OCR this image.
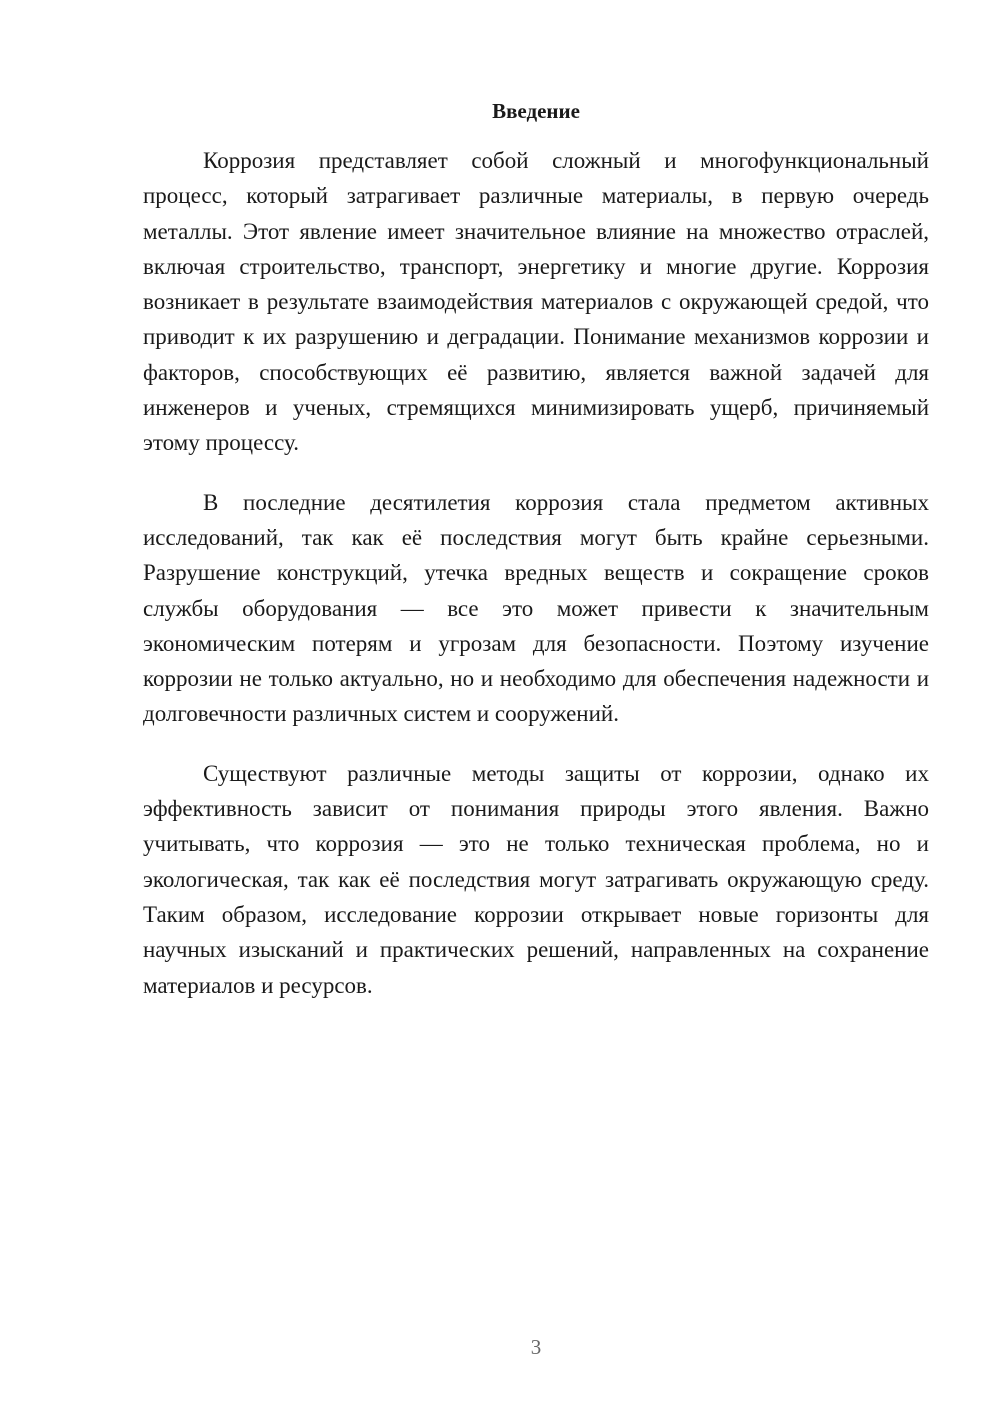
Введение

Коррозия представляет собой сложный и многофункциональный процесс, который затрагивает различные материалы, в первую очередь металлы. Этот явление имеет значительное влияние на множество отраслей, включая строительство, транспорт, энергетику и многие другие. Коррозия возникает в результате взаимодействия материалов с окружающей средой, что приводит к их разрушению и деградации. Понимание механизмов коррозии и факторов, способствующих её развитию, является важной задачей для инженеров и ученых, стремящихся минимизировать ущерб, причиняемый этому процессу.

В последние десятилетия коррозия стала предметом активных исследований, так как её последствия могут быть крайне серьезными. Разрушение конструкций, утечка вредных веществ и сокращение сроков службы оборудования — все это может привести к значительным экономическим потерям и угрозам для безопасности. Поэтому изучение коррозии не только актуально, но и необходимо для обеспечения надежности и долговечности различных систем и сооружений.

Существуют различные методы защиты от коррозии, однако их эффективность зависит от понимания природы этого явления. Важно учитывать, что коррозия — это не только техническая проблема, но и экологическая, так как её последствия могут затрагивать окружающую среду. Таким образом, исследование коррозии открывает новые горизонты для научных изысканий и практических решений, направленных на сохранение материалов и ресурсов.

3
